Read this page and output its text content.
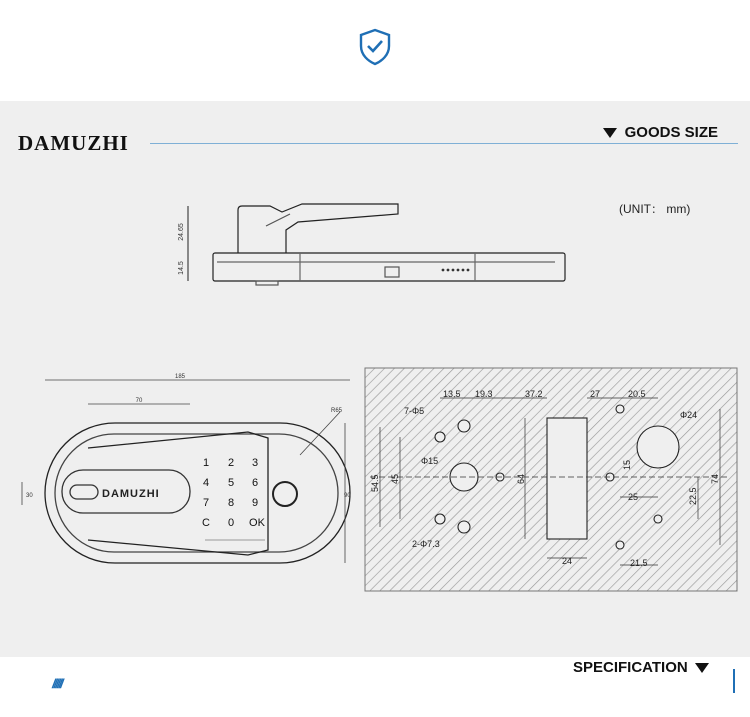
DAMUZHI	GOODS SIZE
(UNIT： mm)
24.65
14.5
185
70
R65
90
30	DAMUZHI
1 2 3
4 5 6
7 8 9
C 0 OK
13.5 19.3	37.2	27	20.5
7-Φ5
Φ15
54.5 45
2-Φ7.3
64
Φ24
15
25	22.5
74
21.5
24
//////
SPECIFICATION
